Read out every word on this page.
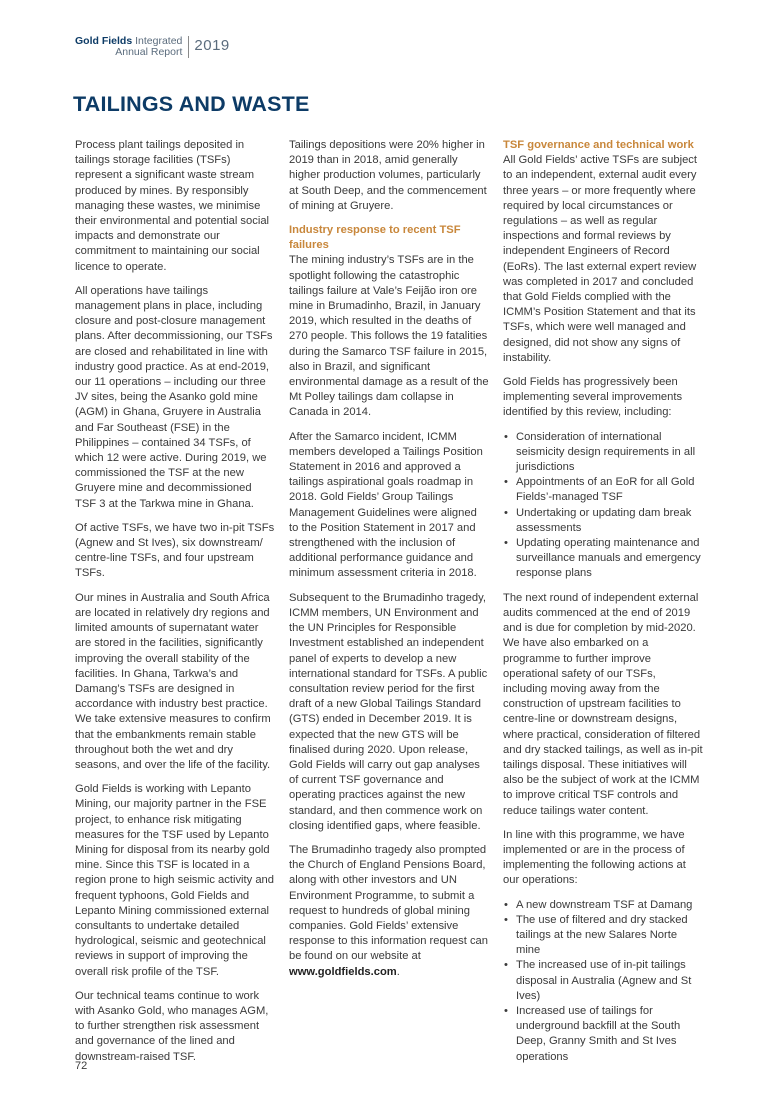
Gold Fields Integrated
Annual Report 2019
TAILINGS AND WASTE

Process plant tailings deposited in tailings storage facilities (TSFs) represent a significant waste stream produced by mines. By responsibly managing these wastes, we minimise their environmental and potential social impacts and demonstrate our commitment to maintaining our social licence to operate.

All operations have tailings management plans in place, including closure and post-closure management plans. After decommissioning, our TSFs are closed and rehabilitated in line with industry good practice. As at end-2019, our 11 operations – including our three JV sites, being the Asanko gold mine (AGM) in Ghana, Gruyere in Australia and Far Southeast (FSE) in the Philippines – contained 34 TSFs, of which 12 were active. During 2019, we commissioned the TSF at the new Gruyere mine and decommissioned TSF 3 at the Tarkwa mine in Ghana.

Of active TSFs, we have two in-pit TSFs (Agnew and St Ives), six downstream/ centre-line TSFs, and four upstream TSFs.

Our mines in Australia and South Africa are located in relatively dry regions and limited amounts of supernatant water are stored in the facilities, significantly improving the overall stability of the facilities. In Ghana, Tarkwa’s and Damang’s TSFs are designed in accordance with industry best practice. We take extensive measures to confirm that the embankments remain stable throughout both the wet and dry seasons, and over the life of the facility.

Gold Fields is working with Lepanto Mining, our majority partner in the FSE project, to enhance risk mitigating measures for the TSF used by Lepanto Mining for disposal from its nearby gold mine. Since this TSF is located in a region prone to high seismic activity and frequent typhoons, Gold Fields and Lepanto Mining commissioned external consultants to undertake detailed hydrological, seismic and geotechnical reviews in support of improving the overall risk profile of the TSF.

Our technical teams continue to work with Asanko Gold, who manages AGM, to further strengthen risk assessment and governance of the lined and downstream-raised TSF.

Tailings depositions were 20% higher in 2019 than in 2018, amid generally higher production volumes, particularly at South Deep, and the commencement of mining at Gruyere.

Industry response to recent TSF failures

The mining industry’s TSFs are in the spotlight following the catastrophic tailings failure at Vale’s Feijão iron ore mine in Brumadinho, Brazil, in January 2019, which resulted in the deaths of 270 people. This follows the 19 fatalities during the Samarco TSF failure in 2015, also in Brazil, and significant environmental damage as a result of the Mt Polley tailings dam collapse in Canada in 2014.

After the Samarco incident, ICMM members developed a Tailings Position Statement in 2016 and approved a tailings aspirational goals roadmap in 2018. Gold Fields’ Group Tailings Management Guidelines were aligned to the Position Statement in 2017 and strengthened with the inclusion of additional performance guidance and minimum assessment criteria in 2018.

Subsequent to the Brumadinho tragedy, ICMM members, UN Environment and the UN Principles for Responsible Investment established an independent panel of experts to develop a new international standard for TSFs. A public consultation review period for the first draft of a new Global Tailings Standard (GTS) ended in December 2019. It is expected that the new GTS will be finalised during 2020. Upon release, Gold Fields will carry out gap analyses of current TSF governance and operating practices against the new standard, and then commence work on closing identified gaps, where feasible.

The Brumadinho tragedy also prompted the Church of England Pensions Board, along with other investors and UN Environment Programme, to submit a request to hundreds of global mining companies. Gold Fields’ extensive response to this information request can be found on our website at www.goldfields.com.

TSF governance and technical work

All Gold Fields’ active TSFs are subject to an independent, external audit every three years – or more frequently where required by local circumstances or regulations – as well as regular inspections and formal reviews by independent Engineers of Record (EoRs). The last external expert review was completed in 2017 and concluded that Gold Fields complied with the ICMM’s Position Statement and that its TSFs, which were well managed and designed, did not show any signs of instability.

Gold Fields has progressively been implementing several improvements identified by this review, including:

• Consideration of international seismicity design requirements in all jurisdictions
• Appointments of an EoR for all Gold Fields’-managed TSF
• Undertaking or updating dam break assessments
• Updating operating maintenance and surveillance manuals and emergency response plans

The next round of independent external audits commenced at the end of 2019 and is due for completion by mid-2020. We have also embarked on a programme to further improve operational safety of our TSFs, including moving away from the construction of upstream facilities to centre-line or downstream designs, where practical, consideration of filtered and dry stacked tailings, as well as in-pit tailings disposal. These initiatives will also be the subject of work at the ICMM to improve critical TSF controls and reduce tailings water content.

In line with this programme, we have implemented or are in the process of implementing the following actions at our operations:

• A new downstream TSF at Damang
• The use of filtered and dry stacked tailings at the new Salares Norte mine
• The increased use of in-pit tailings disposal in Australia (Agnew and St Ives)
• Increased use of tailings for underground backfill at the South Deep, Granny Smith and St Ives operations
72
